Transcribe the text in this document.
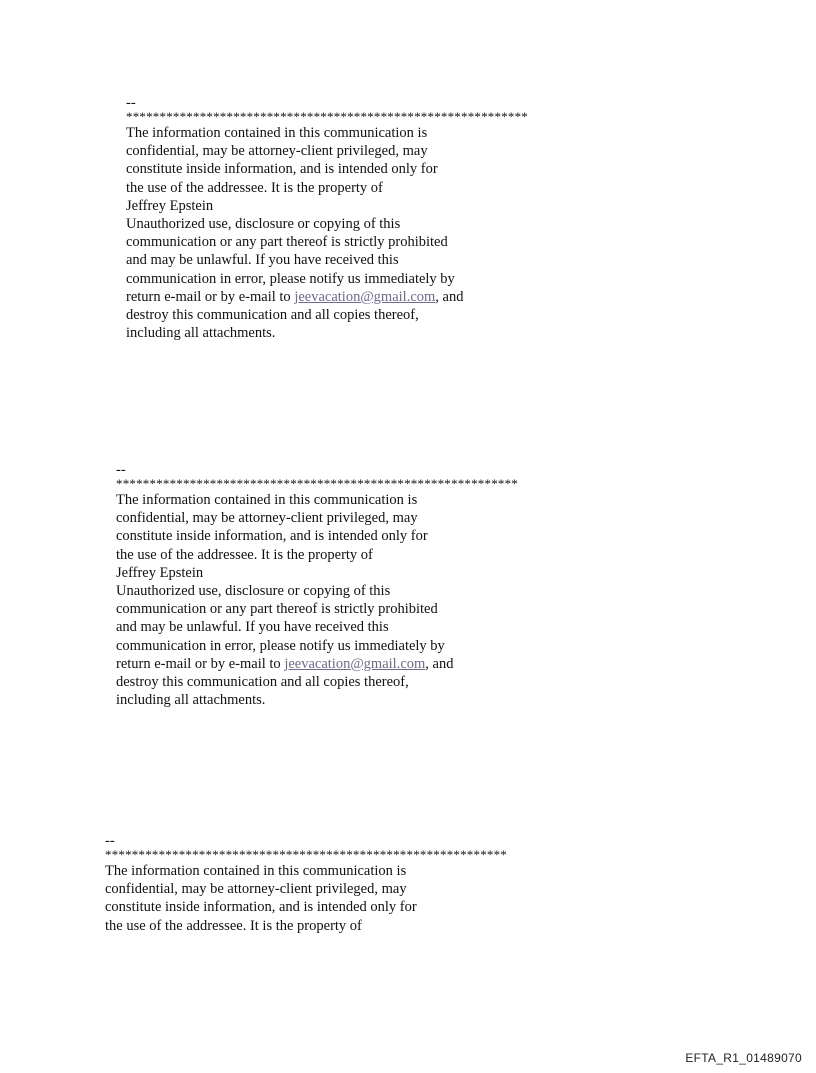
--
************************************************************
The information contained in this communication is
confidential, may be attorney-client privileged, may
constitute inside information, and is intended only for
the use of the addressee. It is the property of
Jeffrey Epstein
Unauthorized use, disclosure or copying of this
communication or any part thereof is strictly prohibited
and may be unlawful. If you have received this
communication in error, please notify us immediately by
return e-mail or by e-mail to jeevacation@gmail.com, and
destroy this communication and all copies thereof,
including all attachments.
--
************************************************************
The information contained in this communication is
confidential, may be attorney-client privileged, may
constitute inside information, and is intended only for
the use of the addressee. It is the property of
Jeffrey Epstein
Unauthorized use, disclosure or copying of this
communication or any part thereof is strictly prohibited
and may be unlawful. If you have received this
communication in error, please notify us immediately by
return e-mail or by e-mail to jeevacation@gmail.com, and
destroy this communication and all copies thereof,
including all attachments.
--
************************************************************
The information contained in this communication is
confidential, may be attorney-client privileged, may
constitute inside information, and is intended only for
the use of the addressee. It is the property of
EFTA_R1_01489070
